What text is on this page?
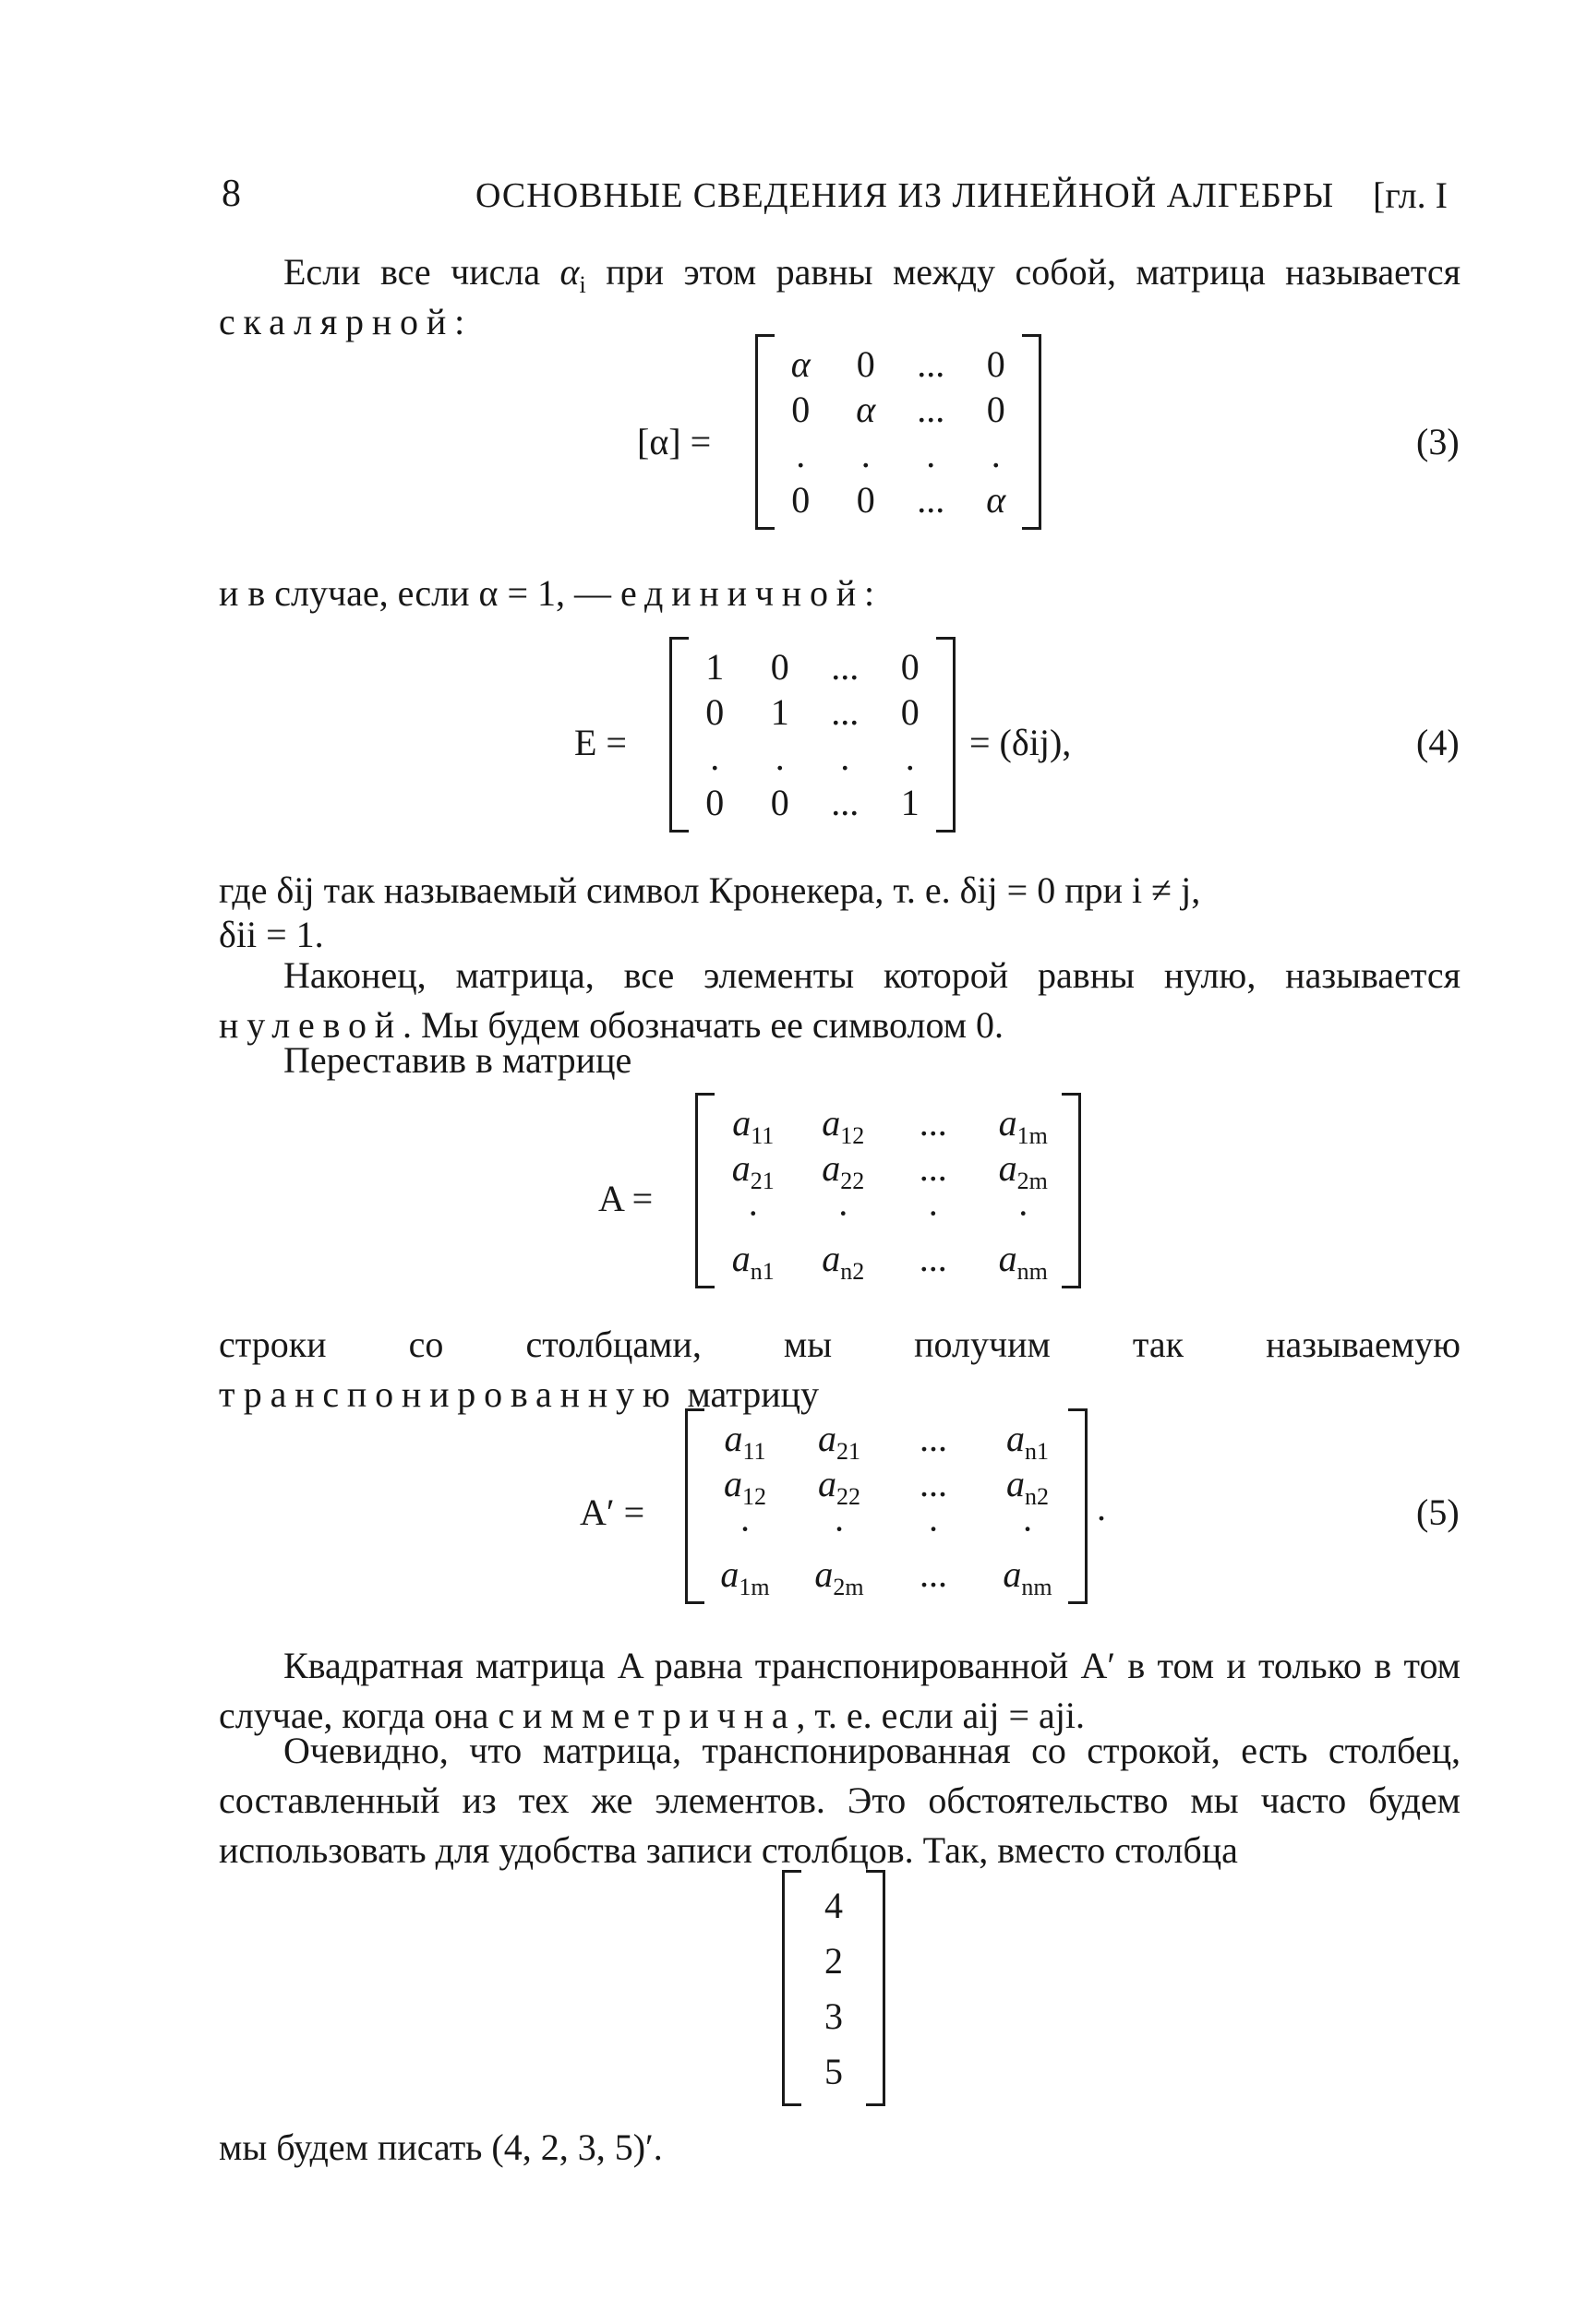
8	ОСНОВНЫЕ СВЕДЕНИЯ ИЗ ЛИНЕЙНОЙ АЛГЕБРЫ [гл. I
Если все числа $\alpha_i$ при этом равны между собой, матрица называется скалярной:
[α] =
α	0	...	0
0	α	...	0
.	.	.	.
0	0	...	α
(3)
и в случае, если α = 1, — единичной:
E =
1	0	...	0
0	1	...	0
.	.	.	.
0	0	...	1
= (δij),	(4)
где δij так называемый символ Кронекера, т. е. δij = 0 при i ≠ j,
δii = 1.
Наконец, матрица, все элементы которой равны нулю, называется нулевой. Мы будем обозначать ее символом 0.
Переставив в матрице
A =
$a_{11}$	$a_{12}$	...	$a_{1m}$
$a_{21}$	$a_{22}$	...	$a_{2m}$
·	·	·	·
$a_{n1}$	$a_{n2}$	...	$a_{nm}$
строки со столбцами, мы получим так называемую транспонированную матрицу
A′ =
$a_{11}$	$a_{21}$	...	$a_{n1}$
$a_{12}$	$a_{22}$	...	$a_{n2}$
·	·	·	·
$a_{1m}$	$a_{2m}$	...	$a_{nm}$
.	(5)
Квадратная матрица A равна транспонированной A′ в том и только в том случае, когда она симметрична, т. е. если aij = aji.
Очевидно, что матрица, транспонированная со строкой, есть столбец, составленный из тех же элементов. Это обстоятельство мы часто будем использовать для удобства записи столбцов. Так, вместо столбца
4
2
3
5
мы будем писать (4, 2, 3, 5)′.
